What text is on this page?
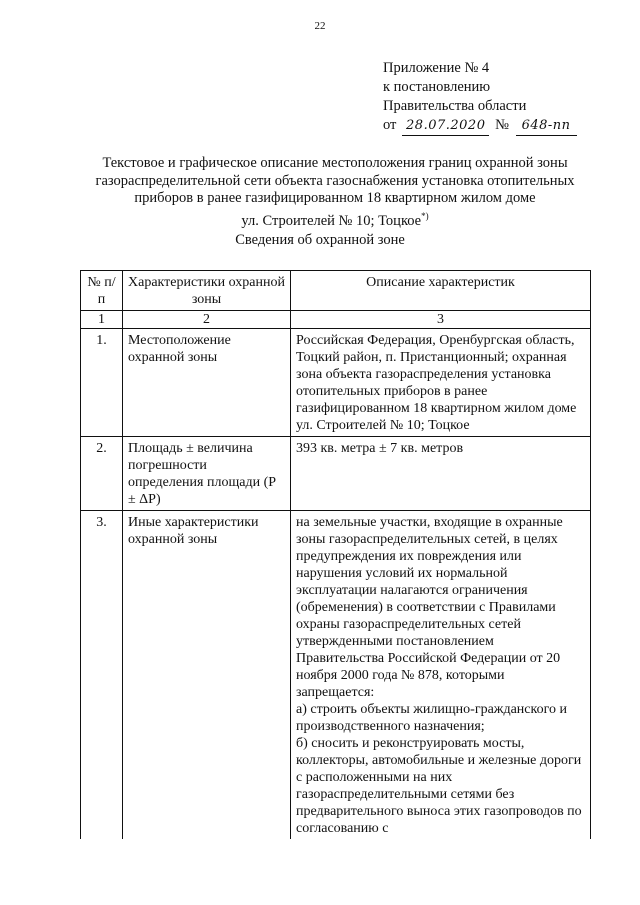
22
Приложение № 4
к постановлению
Правительства области
от 28.07.2020 № 648-пп
Текстовое и графическое описание местоположения границ охранной зоны
газораспределительной сети объекта газоснабжения установка отопительных
приборов в ранее газифицированном 18 квартирном жилом доме
ул. Строителей № 10; Тоцкое*)
Сведения об охранной зоне
№ п/п	Характеристики охранной зоны	Описание характеристик
1	2	3
1.	Местоположение охранной зоны	Российская Федерация, Оренбургская область, Тоцкий район, п. Пристанционный; охранная зона объекта газораспределения установка отопительных приборов в ранее газифицированном 18 квартирном жилом доме ул. Строителей № 10; Тоцкое
2.	Площадь ± величина погрешности определения площади (Р ± ΔР)	393 кв. метра ± 7 кв. метров
3.	Иные характеристики охранной зоны	на земельные участки, входящие в охранные зоны газораспределительных сетей, в целях предупреждения их повреждения или нарушения условий их нормальной эксплуатации налагаются ограничения (обременения) в соответствии с Правилами охраны газораспределительных сетей утвержденными постановлением Правительства Российской Федерации от 20 ноября 2000 года № 878, которыми запрещается:
а) строить объекты жилищно-гражданского и производственного назначения;
б) сносить и реконструировать мосты, коллекторы, автомобильные и железные дороги с расположенными на них газораспределительными сетями без предварительного выноса этих газопроводов по согласованию с
